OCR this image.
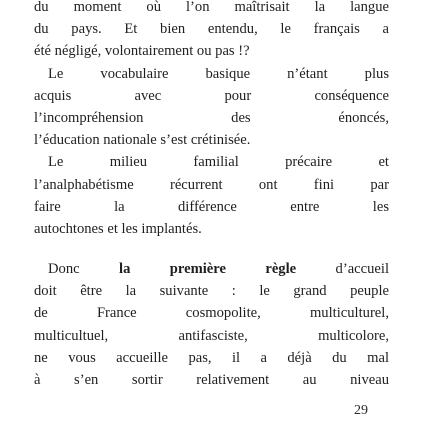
du moment où l’on maîtrisait la langue
du pays. Et bien entendu, le français a
été négligé, volontairement ou pas !?
Le vocabulaire basique n’étant plus
acquis avec pour conséquence
l’incompréhension des énoncés,
l’éducation nationale s’est crétinisée.
Le milieu familial précaire et
l’analphabétisme récurrent ont fini par
faire la différence entre les
autochtones et les implantés.
Donc la première règle d’accueil
doit être la suivante : le grand peuple
de France cosmopolite, multiculturel,
multicultuel, antifasciste, multicolore,
ne vous accueille pas, il a déjà du mal
à s’en sortir relativement au niveau
29
